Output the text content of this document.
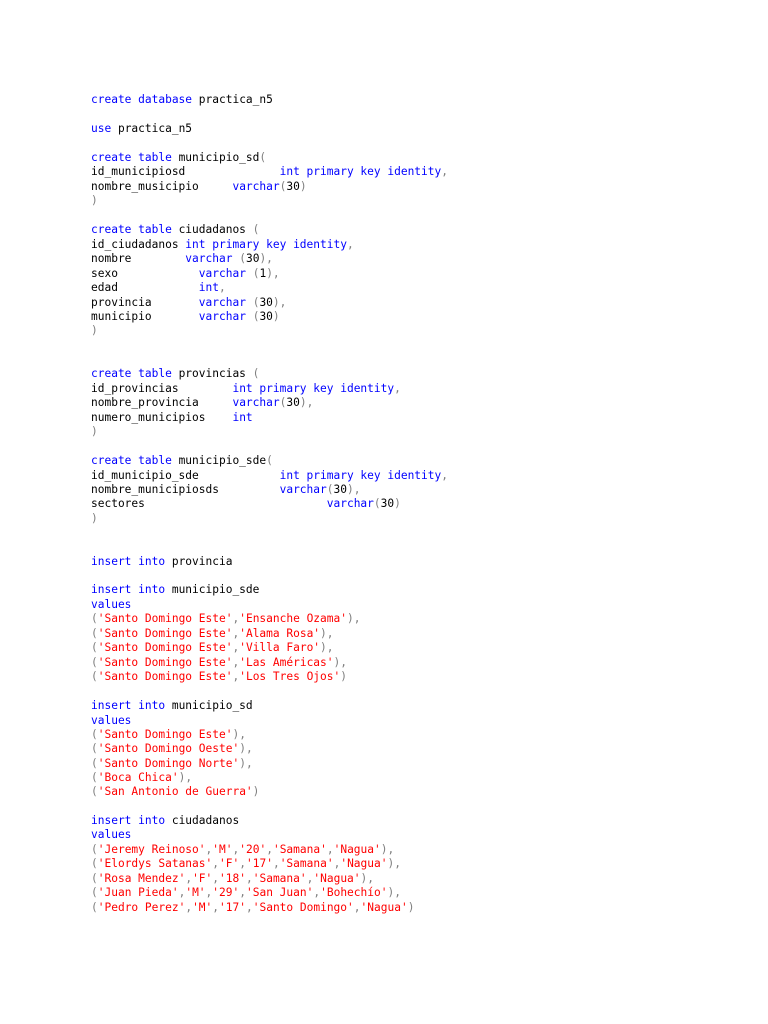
create database practica_n5
use practica_n5
create table municipio_sd(
id_municipiosd              int primary key identity,
nombre_musicipio     varchar(30)
)
create table ciudadanos (
id_ciudadanos int primary key identity,
nombre        varchar (30),
sexo            varchar (1),
edad            int,
provincia       varchar (30),
municipio       varchar (30)
)
create table provincias (
id_provincias        int primary key identity,
nombre_provincia     varchar(30),
numero_municipios    int
)
create table municipio_sde(
id_municipio_sde            int primary key identity,
nombre_municipiosds         varchar(30),
sectores                           varchar(30)
)
insert into provincia
insert into municipio_sde
values
('Santo Domingo Este','Ensanche Ozama'),
('Santo Domingo Este','Alama Rosa'),
('Santo Domingo Este','Villa Faro'),
('Santo Domingo Este','Las Américas'),
('Santo Domingo Este','Los Tres Ojos')
insert into municipio_sd
values
('Santo Domingo Este'),
('Santo Domingo Oeste'),
('Santo Domingo Norte'),
('Boca Chica'),
('San Antonio de Guerra')
insert into ciudadanos
values
('Jeremy Reinoso','M','20','Samana','Nagua'),
('Elordys Satanas','F','17','Samana','Nagua'),
('Rosa Mendez','F','18','Samana','Nagua'),
('Juan Pieda','M','29','San Juan','Bohechío'),
('Pedro Perez','M','17','Santo Domingo','Nagua')
